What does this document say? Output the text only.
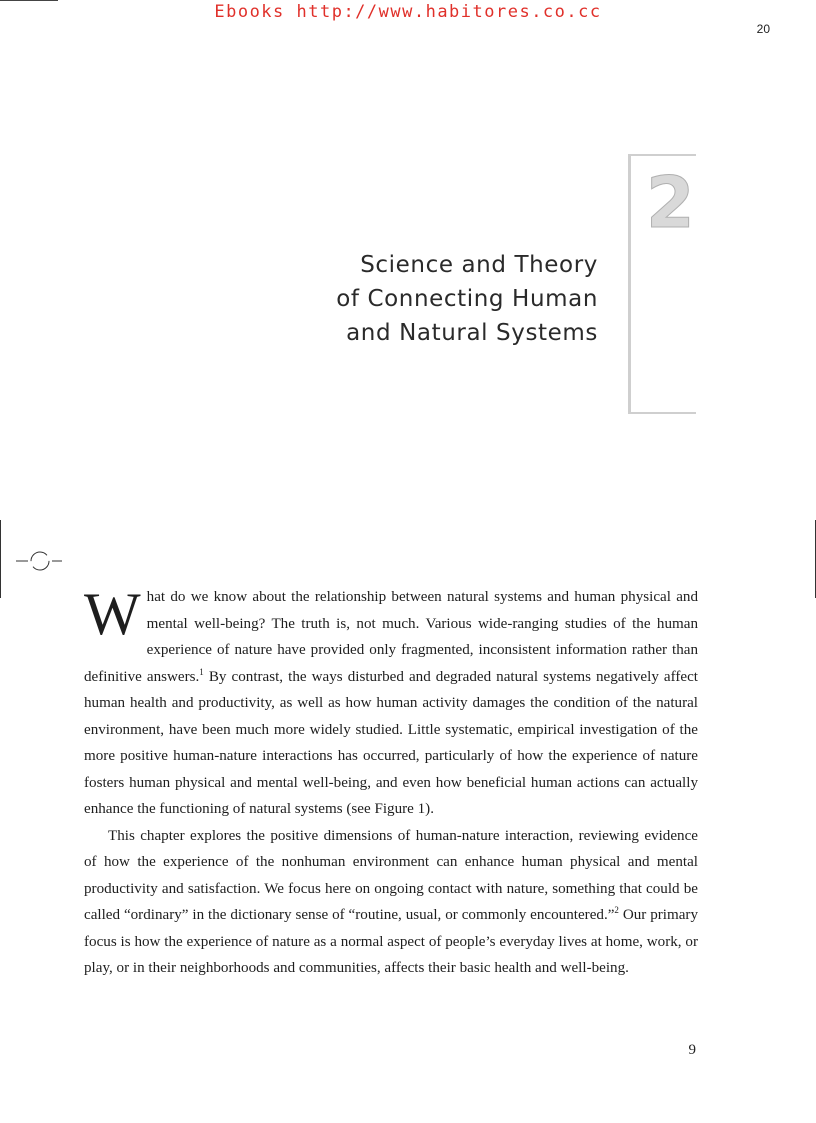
Ebooks http://www.habitores.co.cc
20
2
Science and Theory
of Connecting Human
and Natural Systems

What do we know about the relationship between natural systems and human physical and mental well-being? The truth is, not much. Various wide-ranging studies of the human experience of nature have provided only fragmented, inconsistent information rather than definitive answers.$^1$ By contrast, the ways disturbed and degraded natural systems negatively affect human health and productivity, as well as how human activity damages the condition of the natural environment, have been much more widely studied. Little systematic, empirical investigation of the more positive human-nature interactions has occurred, particularly of how the experience of nature fosters human physical and mental well-being, and even how beneficial human actions can actually enhance the functioning of natural systems (see Figure 1).

This chapter explores the positive dimensions of human-nature interaction, reviewing evidence of how the experience of the nonhuman environment can enhance human physical and mental productivity and satisfaction. We focus here on ongoing contact with nature, something that could be called “ordinary” in the dictionary sense of “routine, usual, or commonly encountered.”$^2$ Our primary focus is how the experience of nature as a normal aspect of people’s everyday lives at home, work, or play, or in their neighborhoods and communities, affects their basic health and well-being.

9
